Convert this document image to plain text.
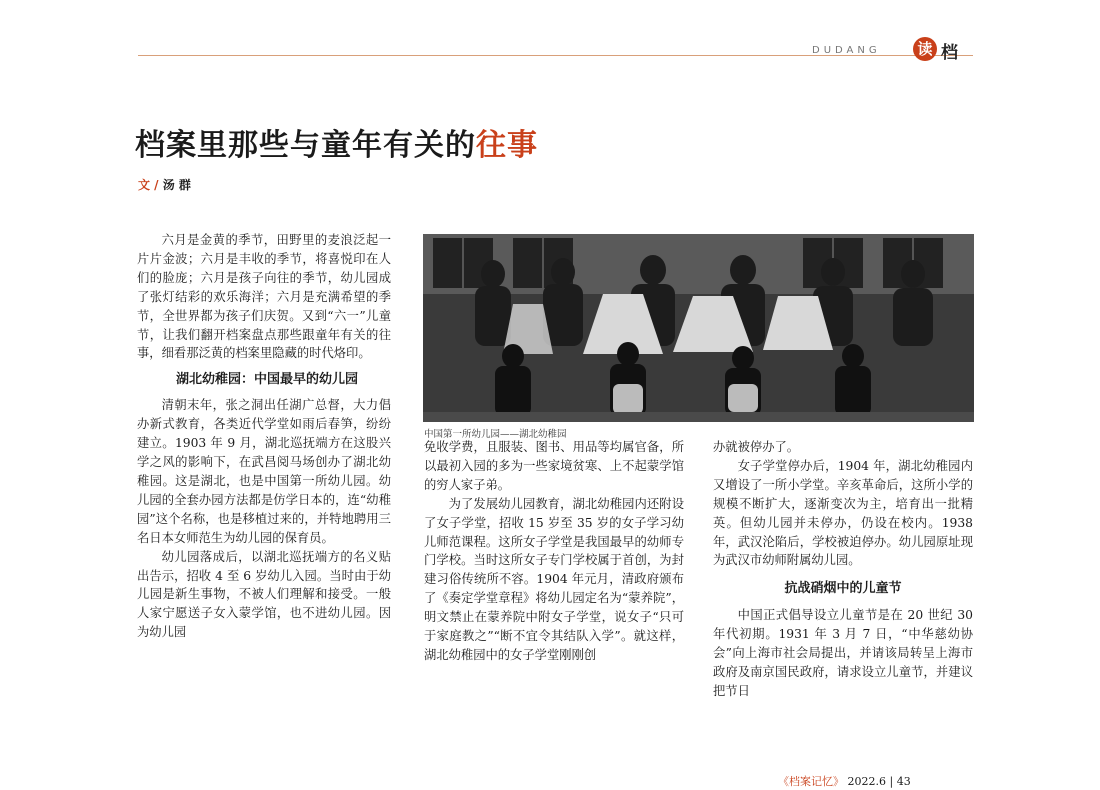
DUDANG 读 档
档案里那些与童年有关的往事
文 / 汤 群

六月是金黄的季节，田野里的麦浪泛起一片片金波；六月是丰收的季节，将喜悦印在人们的脸庞；六月是孩子向往的季节，幼儿园成了张灯结彩的欢乐海洋；六月是充满希望的季节，全世界都为孩子们庆贺。又到“六一”儿童节，让我们翻开档案盘点那些跟童年有关的往事，细看那泛黄的档案里隐藏的时代烙印。

湖北幼稚园：中国最早的幼儿园

清朝末年，张之洞出任湖广总督，大力倡办新式教育，各类近代学堂如雨后春笋，纷纷建立。1903 年 9 月，湖北巡抚端方在这股兴学之风的影响下，在武昌阅马场创办了湖北幼稚园。这是湖北，也是中国第一所幼儿园。幼儿园的全套办园方法都是仿学日本的，连“幼稚园”这个名称，也是移植过来的，并特地聘用三名日本女师范生为幼儿园的保育员。

幼儿园落成后，以湖北巡抚端方的名义贴出告示，招收 4 至 6 岁幼儿入园。当时由于幼儿园是新生事物，不被人们理解和接受。一般人家宁愿送子女入蒙学馆，也不进幼儿园。因为幼儿园

中国第一所幼儿园——湖北幼稚园

免收学费，且服装、图书、用品等均属官备，所以最初入园的多为一些家境贫寒、上不起蒙学馆的穷人家子弟。

为了发展幼儿园教育，湖北幼稚园内还附设了女子学堂，招收 15 岁至 35 岁的女子学习幼儿师范课程。这所女子学堂是我国最早的幼师专门学校。当时这所女子专门学校属于首创，为封建习俗传统所不容。1904 年元月，清政府颁布了《奏定学堂章程》将幼儿园定名为“蒙养院”，明文禁止在蒙养院中附女子学堂，说女子“只可于家庭教之”“断不宜令其结队入学”。就这样，湖北幼稚园中的女子学堂刚刚创

办就被停办了。

女子学堂停办后，1904 年，湖北幼稚园内又增设了一所小学堂。辛亥革命后，这所小学的规模不断扩大，逐渐变次为主，培育出一批精英。但幼儿园并未停办，仍设在校内。1938 年，武汉沦陷后，学校被迫停办。幼儿园原址现为武汉市幼师附属幼儿园。

抗战硝烟中的儿童节

中国正式倡导设立儿童节是在 20 世纪 30 年代初期。1931 年 3 月 7 日，“中华慈幼协会”向上海市社会局提出，并请该局转呈上海市政府及南京国民政府，请求设立儿童节，并建议把节日

《档案记忆》 2022.6 | 43
